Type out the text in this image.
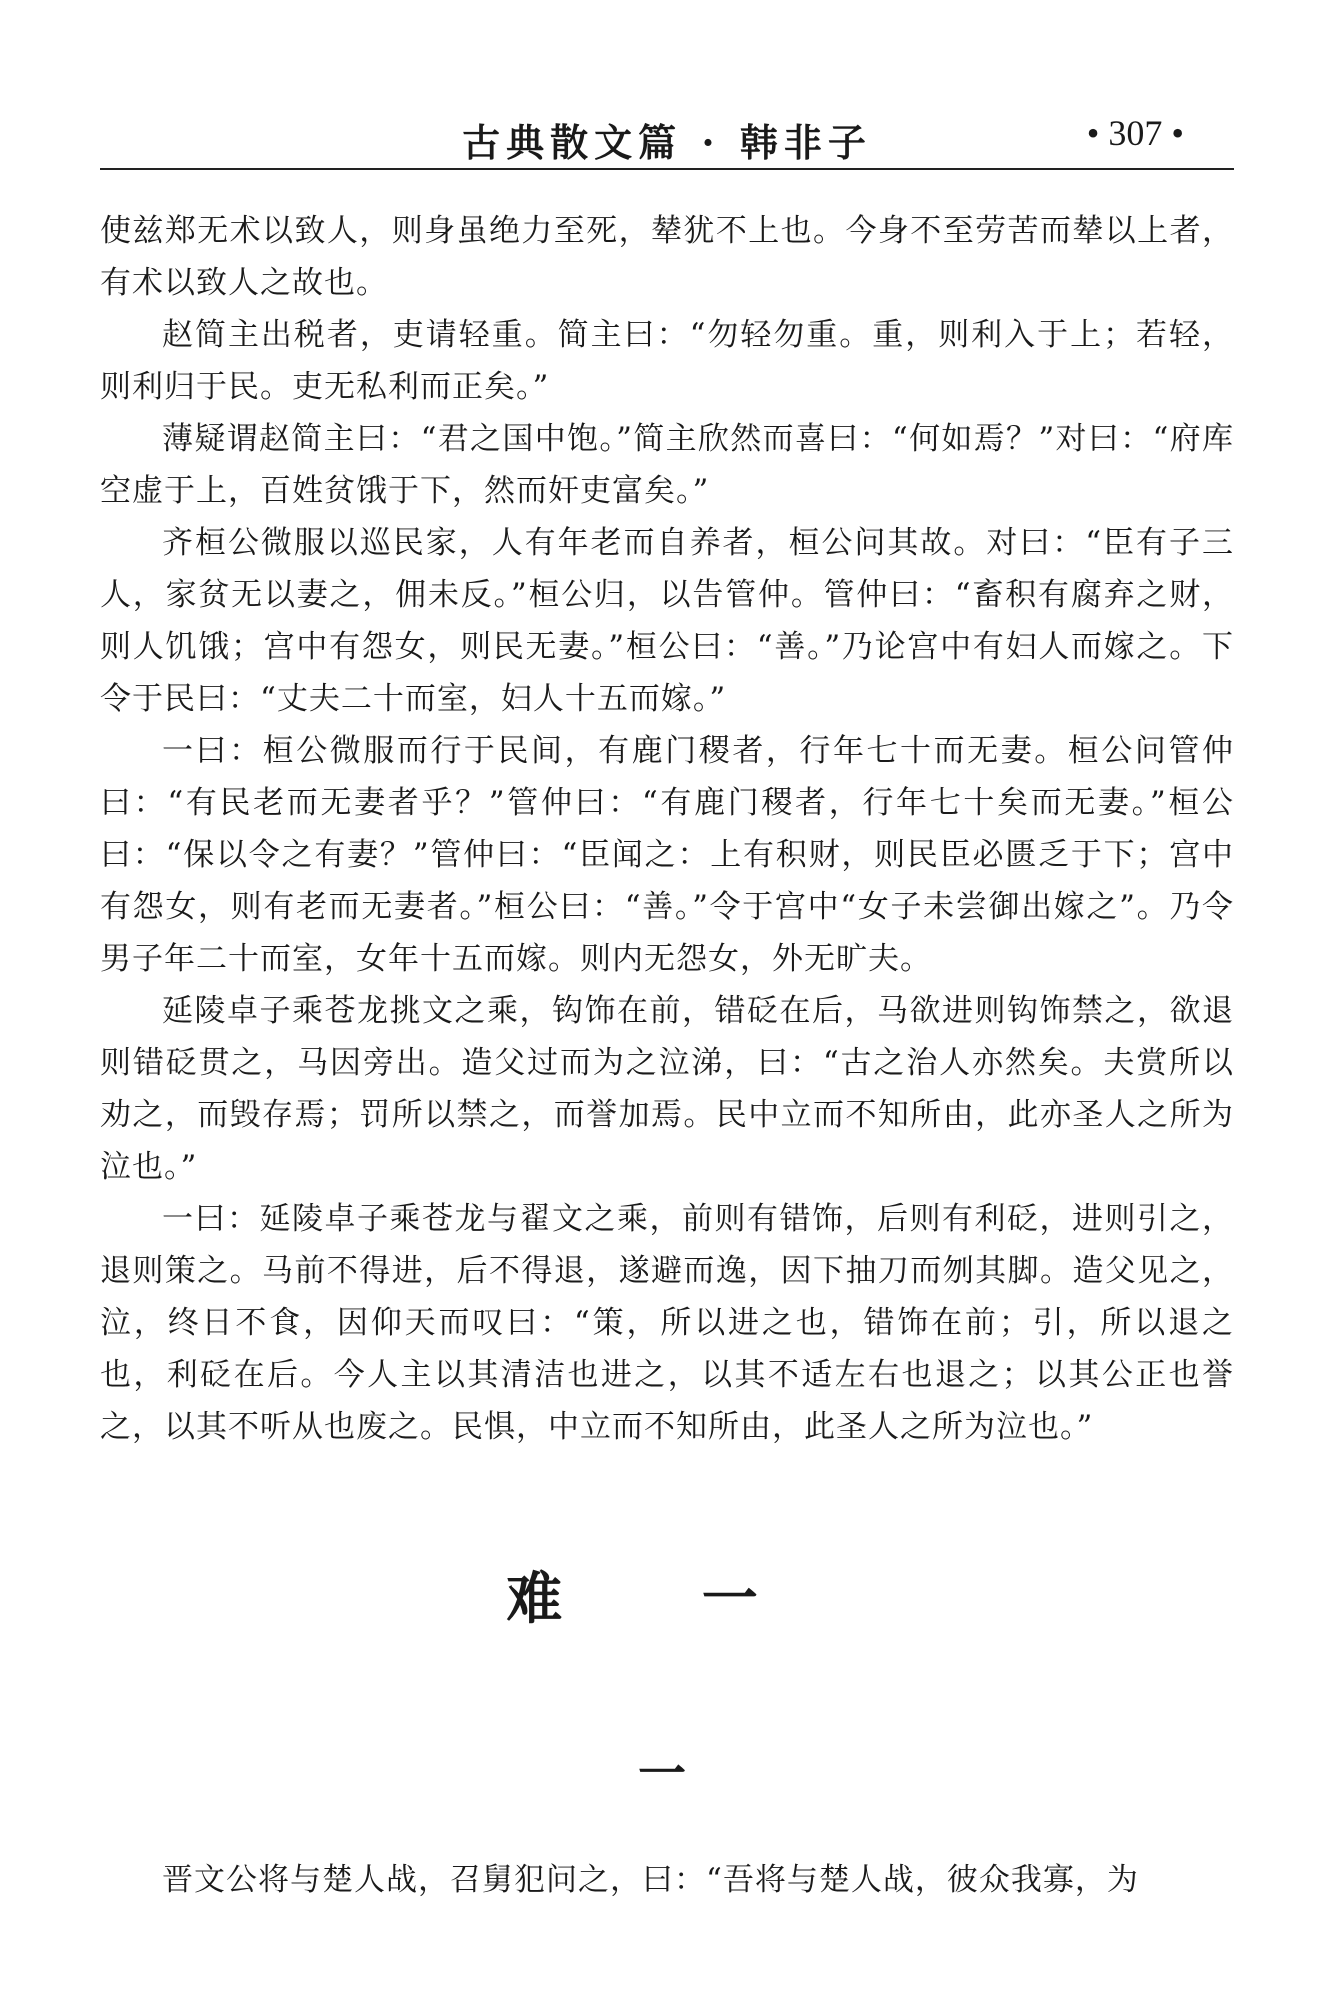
古典散文篇 · 韩非子	• 307 •

使兹郑无术以致人，则身虽绝力至死，辇犹不上也。今身不至劳苦而辇以上者，有术以致人之故也。

赵简主出税者，吏请轻重。简主曰：“勿轻勿重。重，则利入于上；若轻，则利归于民。吏无私利而正矣。”

薄疑谓赵简主曰：“君之国中饱。”简主欣然而喜曰：“何如焉？”对曰：“府库空虚于上，百姓贫饿于下，然而奸吏富矣。”

齐桓公微服以巡民家，人有年老而自养者，桓公问其故。对曰：“臣有子三人，家贫无以妻之，佣未反。”桓公归，以告管仲。管仲曰：“畜积有腐弃之财，则人饥饿；宫中有怨女，则民无妻。”桓公曰：“善。”乃论宫中有妇人而嫁之。下令于民曰：“丈夫二十而室，妇人十五而嫁。”

一曰：桓公微服而行于民间，有鹿门稷者，行年七十而无妻。桓公问管仲曰：“有民老而无妻者乎？”管仲曰：“有鹿门稷者，行年七十矣而无妻。”桓公曰：“保以令之有妻？”管仲曰：“臣闻之：上有积财，则民臣必匮乏于下；宫中有怨女，则有老而无妻者。”桓公曰：“善。”令于宫中“女子未尝御出嫁之”。乃令男子年二十而室，女年十五而嫁。则内无怨女，外无旷夫。

延陵卓子乘苍龙挑文之乘，钩饰在前，错砭在后，马欲进则钩饰禁之，欲退则错砭贯之，马因旁出。造父过而为之泣涕，曰：“古之治人亦然矣。夫赏所以劝之，而毁存焉；罚所以禁之，而誉加焉。民中立而不知所由，此亦圣人之所为泣也。”

一曰：延陵卓子乘苍龙与翟文之乘，前则有错饰，后则有利砭，进则引之，退则策之。马前不得进，后不得退，遂避而逸，因下抽刀而刎其脚。造父见之，泣，终日不食，因仰天而叹曰：“策，所以进之也，错饰在前；引，所以退之也，利砭在后。今人主以其清洁也进之，以其不适左右也退之；以其公正也誉之，以其不听从也废之。民惧，中立而不知所由，此圣人之所为泣也。”

难 一
一

晋文公将与楚人战，召舅犯问之，曰：“吾将与楚人战，彼众我寡，为
